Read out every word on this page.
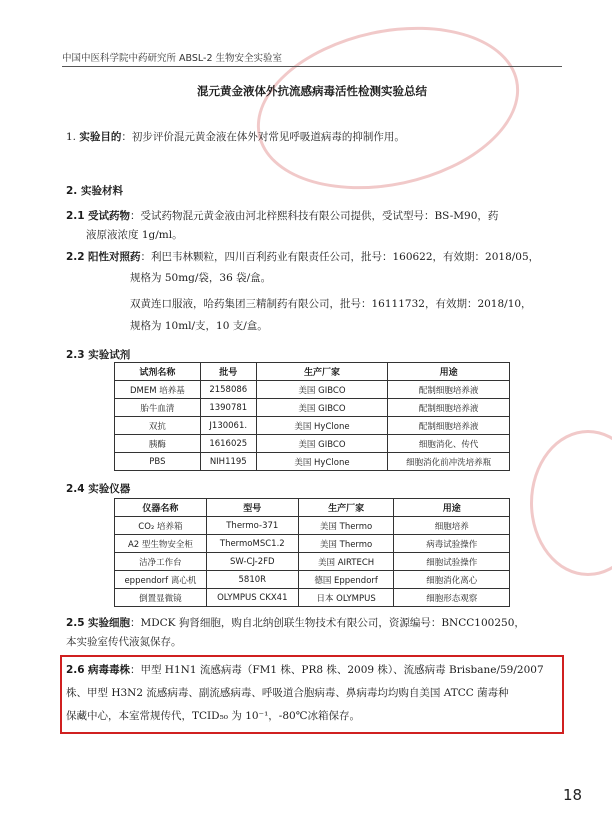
中国中医科学院中药研究所 ABSL-2 生物安全实验室
混元黄金液体外抗流感病毒活性检测实验总结
1. 实验目的：初步评价混元黄金液在体外对常见呼吸道病毒的抑制作用。
2. 实验材料
2.1 受试药物：受试药物混元黄金液由河北梓熙科技有限公司提供，受试型号：BS-M90，药
液原液浓度 1g/ml。
2.2 阳性对照药：利巴韦林颗粒，四川百利药业有限责任公司，批号：160622，有效期：2018/05，
规格为 50mg/袋，36 袋/盒。
双黄连口服液，哈药集团三精制药有限公司，批号：16111732，有效期：2018/10，
规格为 10ml/支，10 支/盒。
2.3 实验试剂
试剂名称	批号	生产厂家	用途
DMEM 培养基	2158086	美国 GIBCO	配制细胞培养液
胎牛血清	1390781	美国 GIBCO	配制细胞培养液
双抗	J130061.	美国 HyClone	配制细胞培养液
胰酶	1616025	美国 GIBCO	细胞消化、传代
PBS	NIH1195	美国 HyClone	细胞消化前冲洗培养瓶
2.4 实验仪器
仪器名称	型号	生产厂家	用途
CO₂ 培养箱	Thermo-371	美国 Thermo	细胞培养
A2 型生物安全柜	ThermoMSC1.2	美国 Thermo	病毒试验操作
洁净工作台	SW-CJ-2FD	美国 AIRTECH	细胞试验操作
eppendorf 离心机	5810R	德国 Eppendorf	细胞消化离心
倒置显微镜	OLYMPUS CKX41	日本 OLYMPUS	细胞形态观察
2.5 实验细胞：MDCK 狗肾细胞，购自北纳创联生物技术有限公司，资源编号：BNCC100250，
本实验室传代液氮保存。
2.6 病毒毒株：甲型 H1N1 流感病毒（FM1 株、PR8 株、2009 株）、流感病毒 Brisbane/59/2007
株、甲型 H3N2 流感病毒、副流感病毒、呼吸道合胞病毒、鼻病毒均均购自美国 ATCC 菌毒种
保藏中心，本室常规传代，TCID₅₀ 为 10⁻¹，-80℃冰箱保存。
18
